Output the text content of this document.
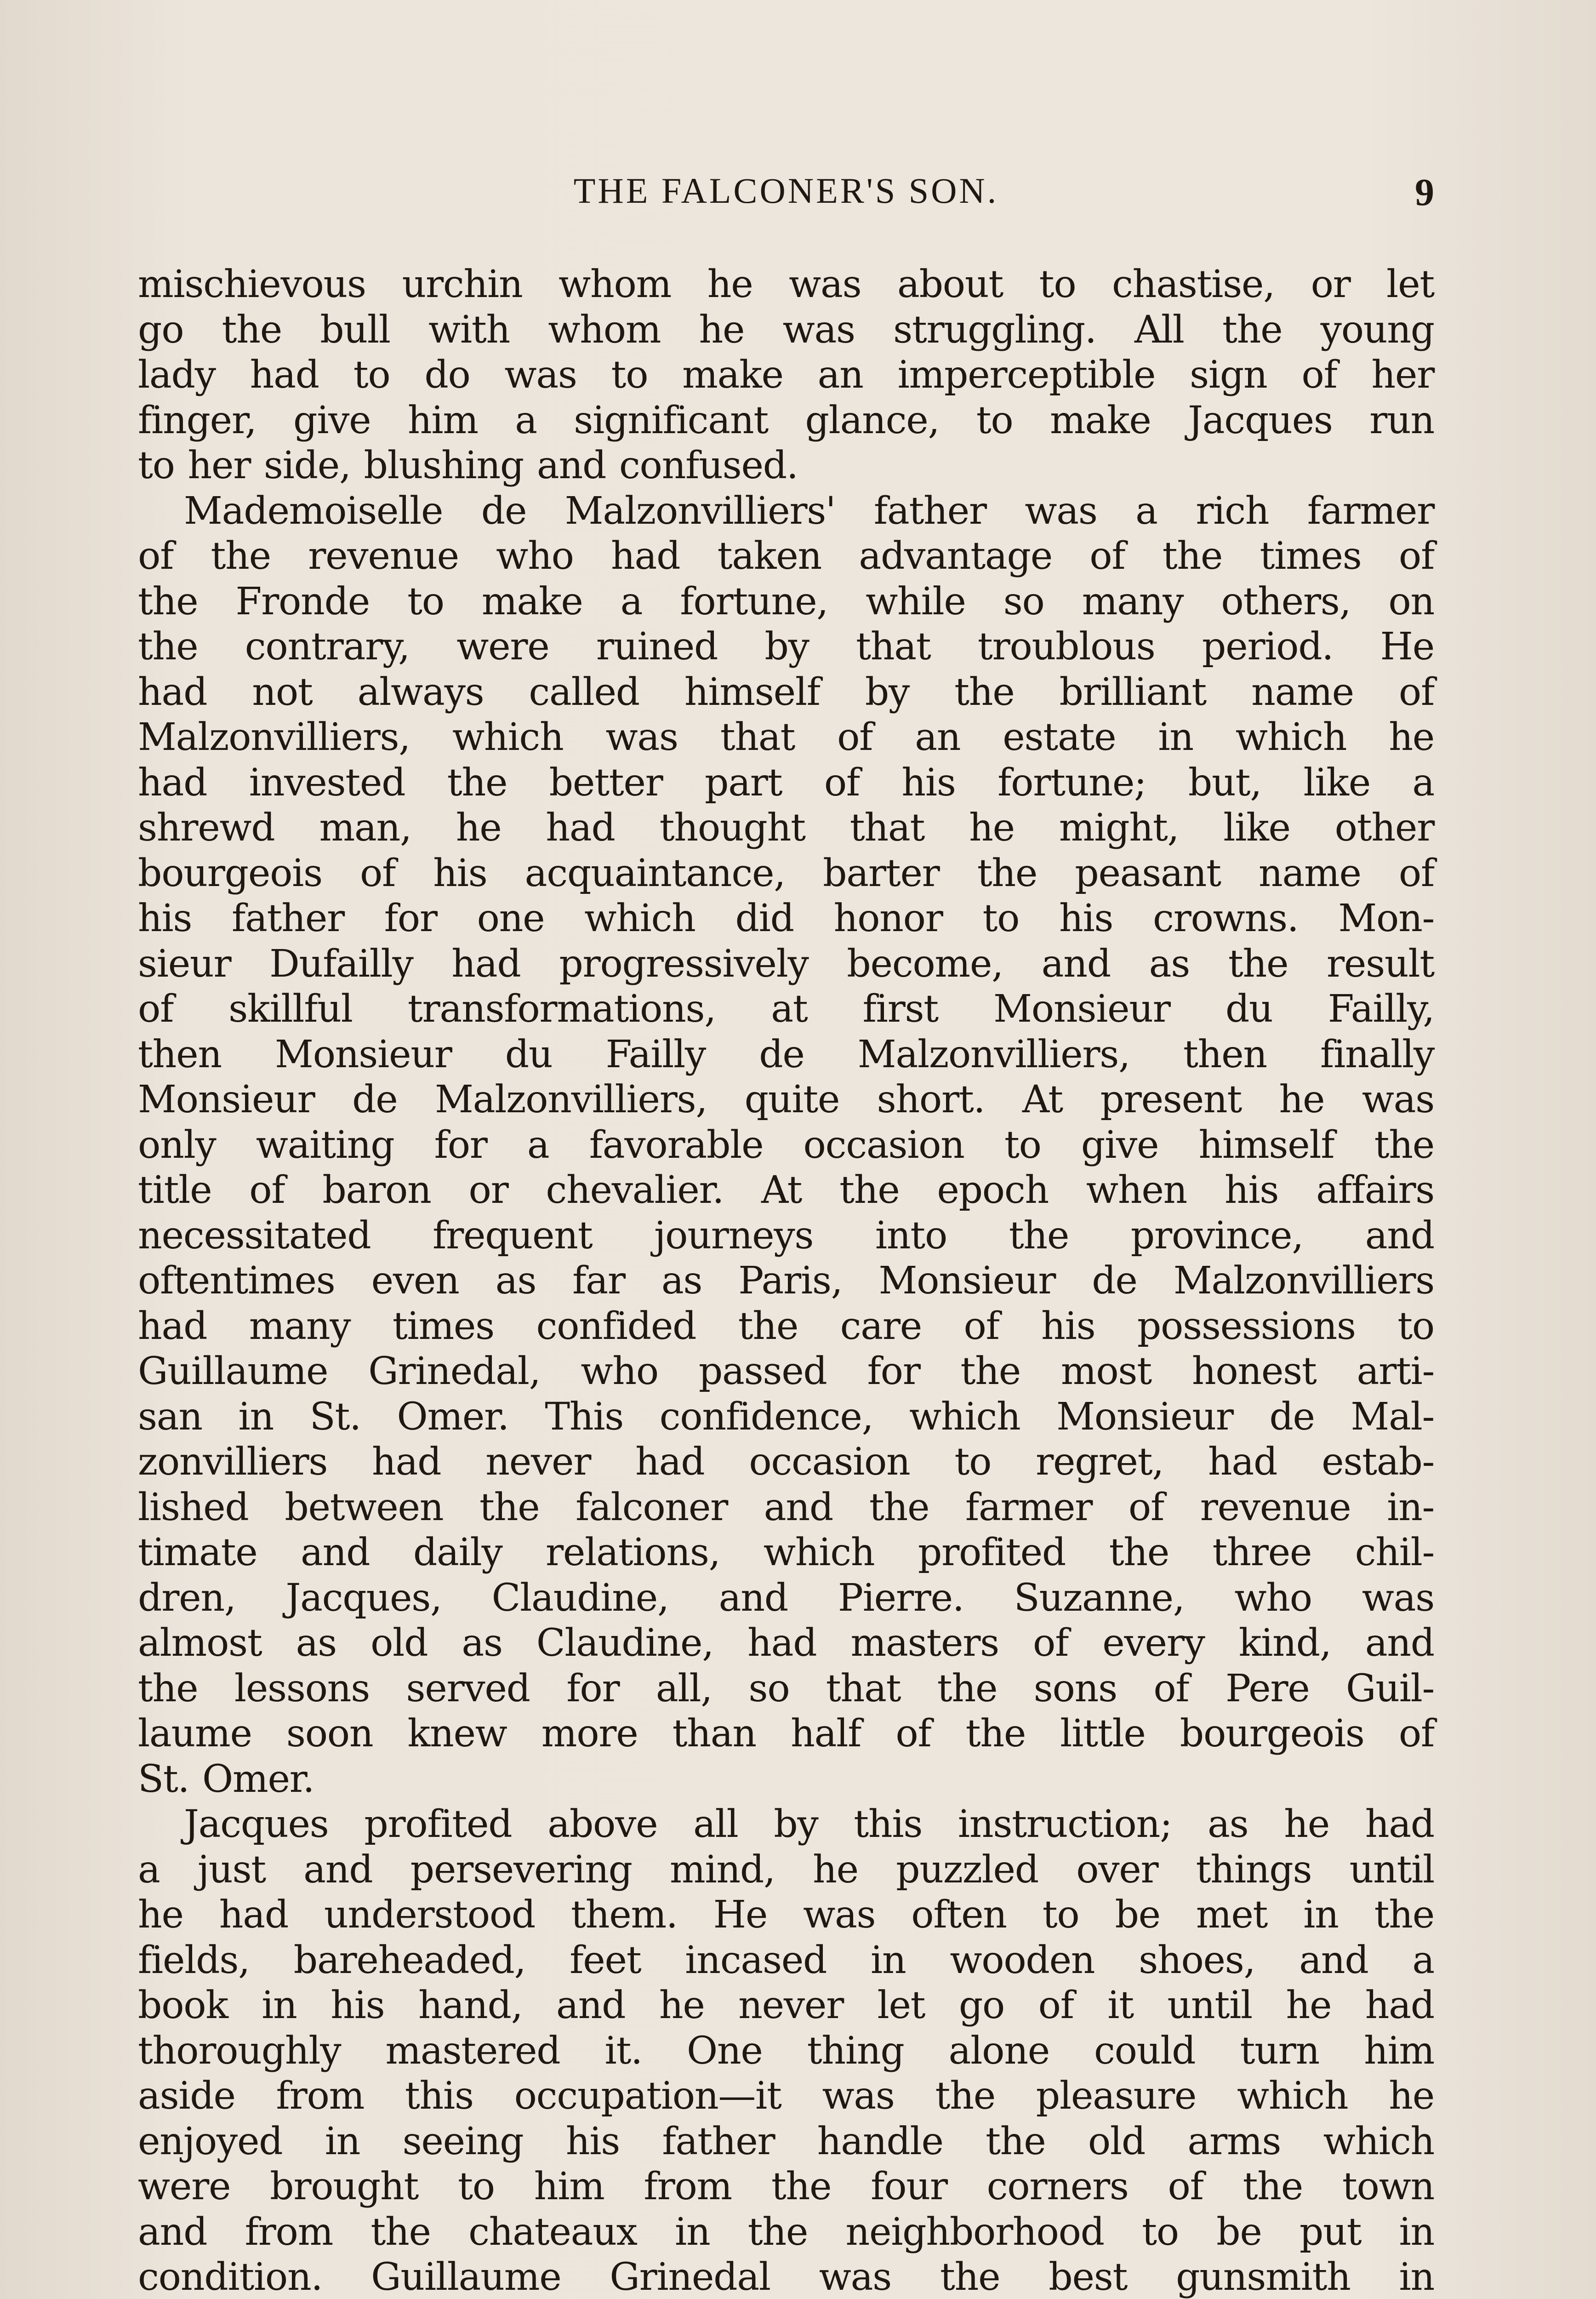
THE FALCONER'S SON.	9
mischievous urchin whom he was about to chastise, or let
go the bull with whom he was struggling. All the young
lady had to do was to make an imperceptible sign of her
finger, give him a significant glance, to make Jacques run
to her side, blushing and confused.
Mademoiselle de Malzonvilliers' father was a rich farmer
of the revenue who had taken advantage of the times of
the Fronde to make a fortune, while so many others, on
the contrary, were ruined by that troublous period. He
had not always called himself by the brilliant name of
Malzonvilliers, which was that of an estate in which he
had invested the better part of his fortune; but, like a
shrewd man, he had thought that he might, like other
bourgeois of his acquaintance, barter the peasant name of
his father for one which did honor to his crowns. Mon-
sieur Dufailly had progressively become, and as the result
of skillful transformations, at first Monsieur du Failly,
then Monsieur du Failly de Malzonvilliers, then finally
Monsieur de Malzonvilliers, quite short. At present he was
only waiting for a favorable occasion to give himself the
title of baron or chevalier. At the epoch when his affairs
necessitated frequent journeys into the province, and
oftentimes even as far as Paris, Monsieur de Malzonvilliers
had many times confided the care of his possessions to
Guillaume Grinedal, who passed for the most honest arti-
san in St. Omer. This confidence, which Monsieur de Mal-
zonvilliers had never had occasion to regret, had estab-
lished between the falconer and the farmer of revenue in-
timate and daily relations, which profited the three chil-
dren, Jacques, Claudine, and Pierre. Suzanne, who was
almost as old as Claudine, had masters of every kind, and
the lessons served for all, so that the sons of Pere Guil-
laume soon knew more than half of the little bourgeois of
St. Omer.
Jacques profited above all by this instruction; as he had
a just and persevering mind, he puzzled over things until
he had understood them. He was often to be met in the
fields, bareheaded, feet incased in wooden shoes, and a
book in his hand, and he never let go of it until he had
thoroughly mastered it. One thing alone could turn him
aside from this occupation—it was the pleasure which he
enjoyed in seeing his father handle the old arms which
were brought to him from the four corners of the town
and from the chateaux in the neighborhood to be put in
condition. Guillaume Grinedal was the best gunsmith in
